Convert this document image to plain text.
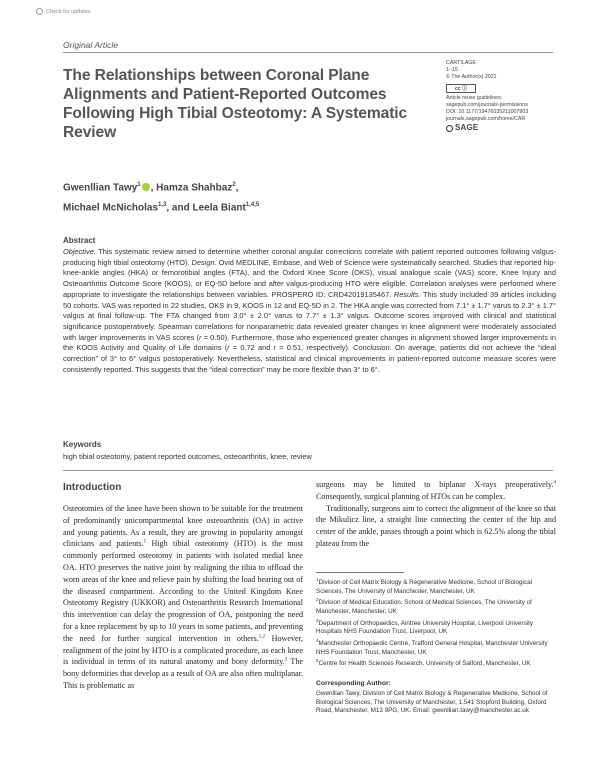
Check for updates
Original Article
The Relationships between Coronal Plane Alignments and Patient-Reported Outcomes Following High Tibial Osteotomy: A Systematic Review
CARTILAGE
1–15
© The Author(s) 2021
cc ⓘ
Article reuse guidelines:
sagepub.com/journals-permissions
DOI: 10.1177/19476035211007903
journals.sagepub.com/home/CAR
SAGE
Gwenllian Tawy$^1$ , Hamza Shahbaz$^2$,
Michael McNicholas$^{1,3}$, and Leela Biant$^{1,4,5}$
Abstract

Objective. This systematic review aimed to determine whether coronal angular corrections correlate with patient reported outcomes following valgus-producing high tibial osteotomy (HTO). Design. Ovid MEDLINE, Embase, and Web of Science were systematically searched. Studies that reported hip-knee-ankle angles (HKA) or femorotibial angles (FTA), and the Oxford Knee Score (OKS), visual analogue scale (VAS) score, Knee Injury and Osteoarthritis Outcome Score (KOOS), or EQ-5D before and after valgus-producing HTO were eligible. Correlation analyses were performed where appropriate to investigate the relationships between variables. PROSPERO ID: CRD42019135467. Results. This study included 39 articles including 50 cohorts. VAS was reported in 22 studies, OKS in 9, KOOS in 12 and EQ-5D in 2. The HKA angle was corrected from 7.1° ± 1.7° varus to 2.3° ± 1.7° valgus at final follow-up. The FTA changed from 3.0° ± 2.0° varus to 7.7° ± 1.3° valgus. Outcome scores improved with clinical and statistical significance postoperatively. Spearman correlations for nonparametric data revealed greater changes in knee alignment were moderately associated with larger improvements in VAS scores (r = 0.50). Furthermore, those who experienced greater changes in alignment showed larger improvements in the KOOS Activity and Quality of Life domains (r = 0.72 and r = 0.51, respectively). Conclusion. On average, patients did not achieve the “ideal correction” of 3° to 6° valgus postoperatively. Nevertheless, statistical and clinical improvements in patient-reported outcome measure scores were consistently reported. This suggests that the “ideal correction” may be more flexible than 3° to 6°.

Keywords
high tibial osteotomy, patient reported outcomes, osteoarthritis, knee, review
Introduction

Osteotomies of the knee have been shown to be suitable for the treatment of predominantly unicompartmental knee osteoarthritis (OA) in active and young patients. As a result, they are growing in popularity amongst clinicians and patients.$^1$ High tibial osteotomy (HTO) is the most commonly performed osteotomy in patients with isolated medial knee OA. HTO preserves the native joint by realigning the tibia to offload the worn areas of the knee and relieve pain by shifting the load bearing out of the diseased compartment. According to the United Kingdom Knee Osteotomy Registry (UKKOR) and Osteoarthritis Research International this intervention can delay the progression of OA, postponing the need for a knee replacement by up to 10 years in some patients, and preventing the need for further surgical intervention in others.$^{1,2}$ However, realignment of the joint by HTO is a complicated procedure, as each knee is individual in terms of its natural anatomy and bony deformity.$^3$ The bony deformities that develop as a result of OA are also often multiplanar. This is problematic as

surgeons may be limited to biplanar X-rays preoperatively.$^4$ Consequently, surgical planning of HTOs can be complex.

Traditionally, surgeons aim to correct the alignment of the knee so that the Mikulicz line, a straight line connecting the center of the hip and center of the ankle, passes through a point which is 62.5% along the tibial plateau from the

$^1$Division of Cell Matrix Biology & Regenerative Medicine, School of Biological Sciences, The University of Manchester, Manchester, UK
$^2$Division of Medical Education, School of Medical Sciences, The University of Manchester, Manchester, UK
$^3$Department of Orthopaedics, Aintree University Hospital, Liverpool University Hospitals NHS Foundation Trust, Liverpool, UK
$^4$Manchester Orthopaedic Centre, Trafford General Hospital, Manchester University NHS Foundation Trust, Manchester, UK
$^5$Centre for Health Sciences Research, University of Salford, Manchester, UK
Corresponding Author:
Gwenllian Tawy, Division of Cell Matrix Biology & Regenerative Medicine, School of Biological Sciences, The University of Manchester, 1.541 Stopford Building, Oxford Road, Manchester, M13 9PG, UK. Email: gwenllian.tawy@manchester.ac.uk
